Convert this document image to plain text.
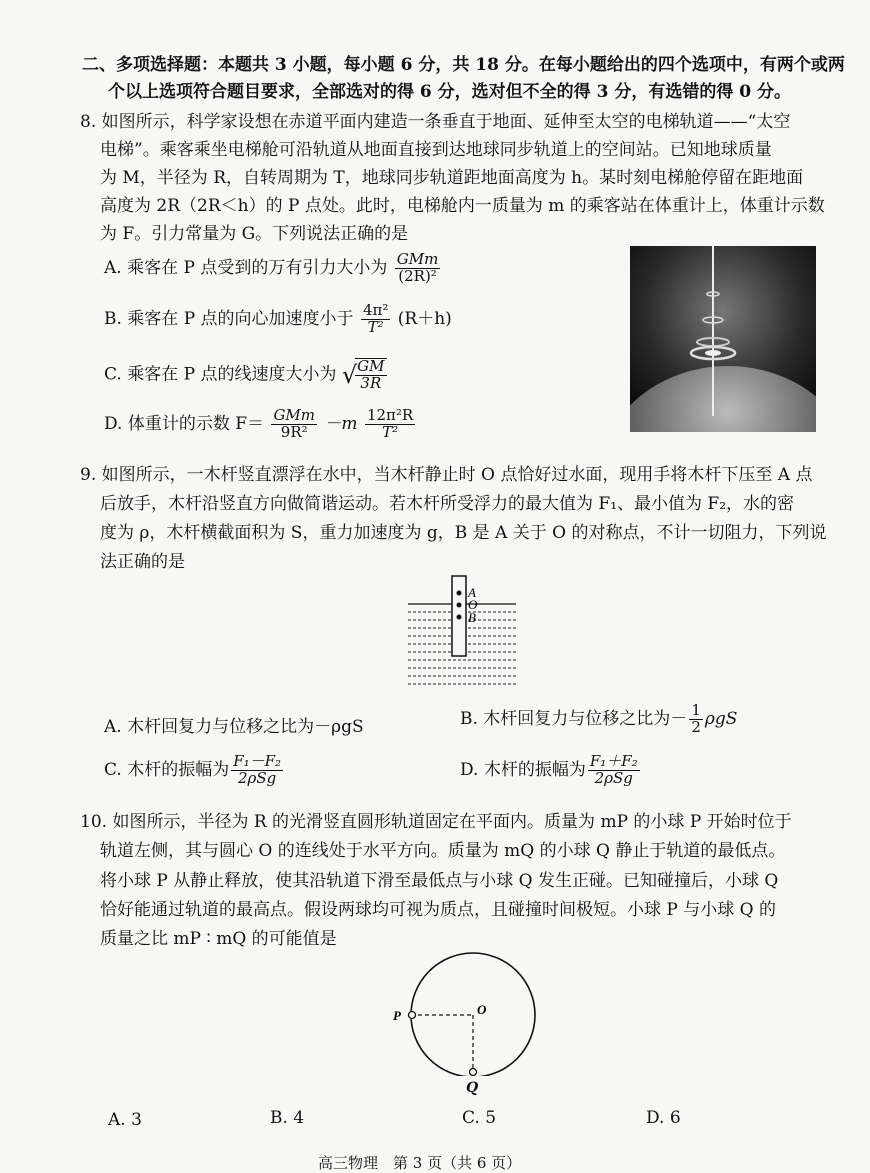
二、多项选择题：本题共 3 小题，每小题 6 分，共 18 分。在每小题给出的四个选项中，有两个或两
个以上选项符合题目要求，全部选对的得 6 分，选对但不全的得 3 分，有选错的得 0 分。
8. 如图所示，科学家设想在赤道平面内建造一条垂直于地面、延伸至太空的电梯轨道——“太空
电梯”。乘客乘坐电梯舱可沿轨道从地面直接到达地球同步轨道上的空间站。已知地球质量
为 M，半径为 R，自转周期为 T，地球同步轨道距地面高度为 h。某时刻电梯舱停留在距地面
高度为 2R（2R＜h）的 P 点处。此时，电梯舱内一质量为 m 的乘客站在体重计上，体重计示数
为 F。引力常量为 G。下列说法正确的是
A. 乘客在 P 点受到的万有引力大小为 $\frac{\text{GMm}}{\text{(2R)²}}$
B. 乘客在 P 点的向心加速度小于 $\frac{\text{4π²}}{\text{T²}} (R+h)$
C. 乘客在 P 点的线速度大小为 √
$\frac{GM}{3R}$
D. 体重计的示数 $F= \frac{\text{GMm}}{\text{9R²}} -m \frac{\text{12π²R}}{\text{T²}}$
9. 如图所示，一木杆竖直漂浮在水中，当木杆静止时 O 点恰好过水面，现用手将木杆下压至 A 点
后放手，木杆沿竖直方向做简谐运动。若木杆所受浮力的最大值为 F₁、最小值为 F₂，水的密
度为 ρ，木杆横截面积为 S，重力加速度为 g，B 是 A 关于 O 的对称点，不计一切阻力，下列说
法正确的是
A
O
B
A. 木杆回复力与位移之比为－ρgS	B. 木杆回复力与位移之比为－ $\frac{1}{2}$ ρgS
C. 木杆的振幅为 $\frac{\text{F₁－F₂}}{\text{2ρSg}}$	D. 木杆的振幅为 $\frac{\text{F₁＋F₂}}{\text{2ρSg}}$
10. 如图所示，半径为 R 的光滑竖直圆形轨道固定在平面内。质量为 mP 的小球 P 开始时位于
轨道左侧，其与圆心 O 的连线处于水平方向。质量为 mQ 的小球 Q 静止于轨道的最低点。
将小球 P 从静止释放，使其沿轨道下滑至最低点与小球 Q 发生正碰。已知碰撞后，小球 Q
恰好能通过轨道的最高点。假设两球均可视为质点，且碰撞时间极短。小球 P 与小球 Q 的
质量之比 mP ∶ mQ 的可能值是
P	O
Q
A. 3	B. 4	C. 5	D. 6
高三物理　第 3 页（共 6 页）
